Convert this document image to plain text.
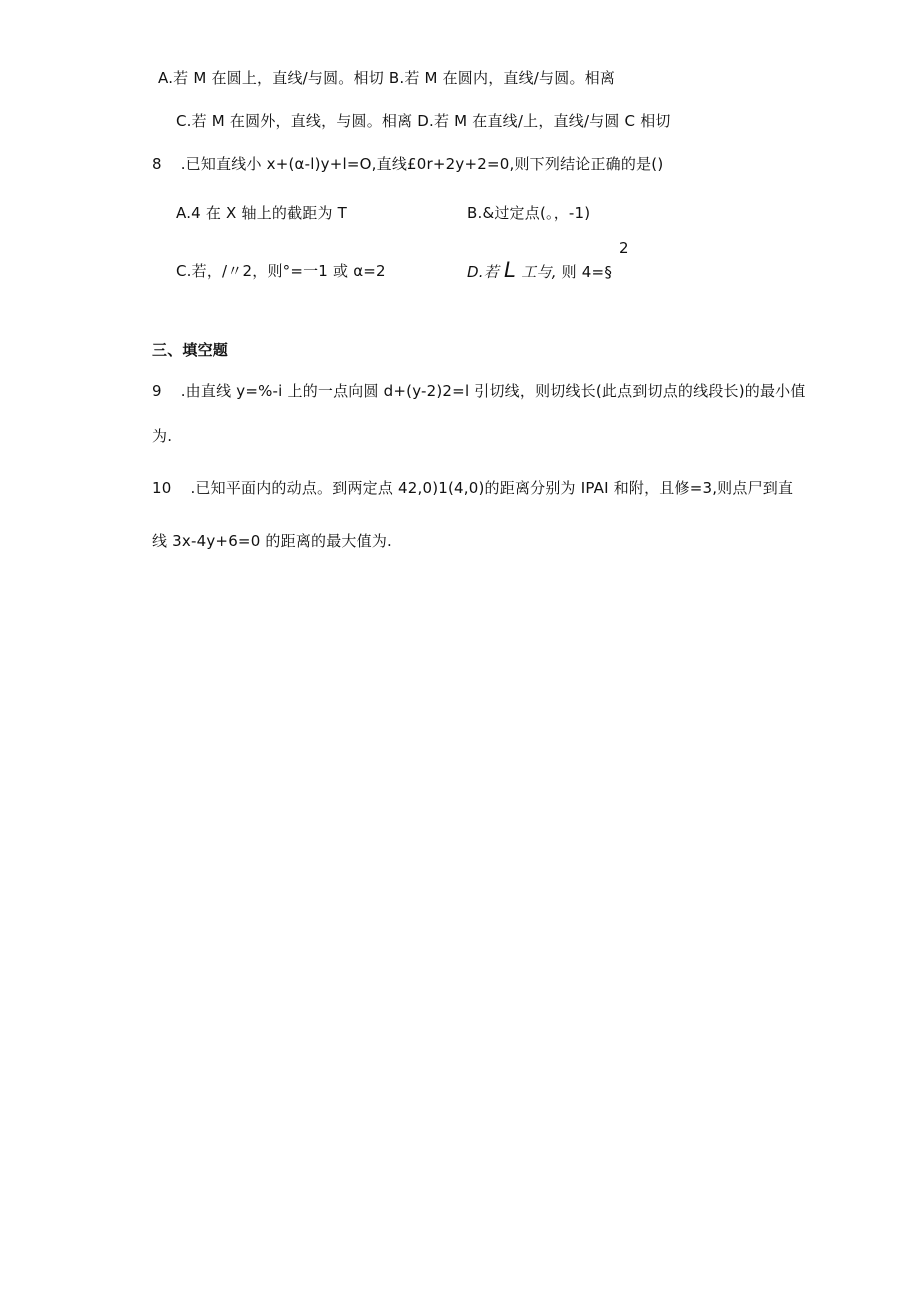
A.若 M 在圆上，直线/与圆。相切 B.若 M 在圆内，直线/与圆。相离
C.若 M 在圆外，直线，与圆。相离 D.若 M 在直线/上，直线/与圆 C 相切
8 .已知直线小 x+(α-l)y+l=O,直线£0r+2y+2=0,则下列结论正确的是()
A.4 在 X 轴上的截距为 T	B.&过定点(。，-1)
2
C.若，/〃2，则°=一1 或 α=2	D.若 L 工与, 则 4=§
三、填空题
9 .由直线 y=%-i 上的一点向圆 d+(y-2)2=l 引切线，则切线长(此点到切点的线段长)的最小值
为.
10 .已知平面内的动点。到两定点 42,0)1(4,0)的距离分别为 IPAI 和附，且修=3,则点尸到直
线 3x-4y+6=0 的距离的最大值为.
